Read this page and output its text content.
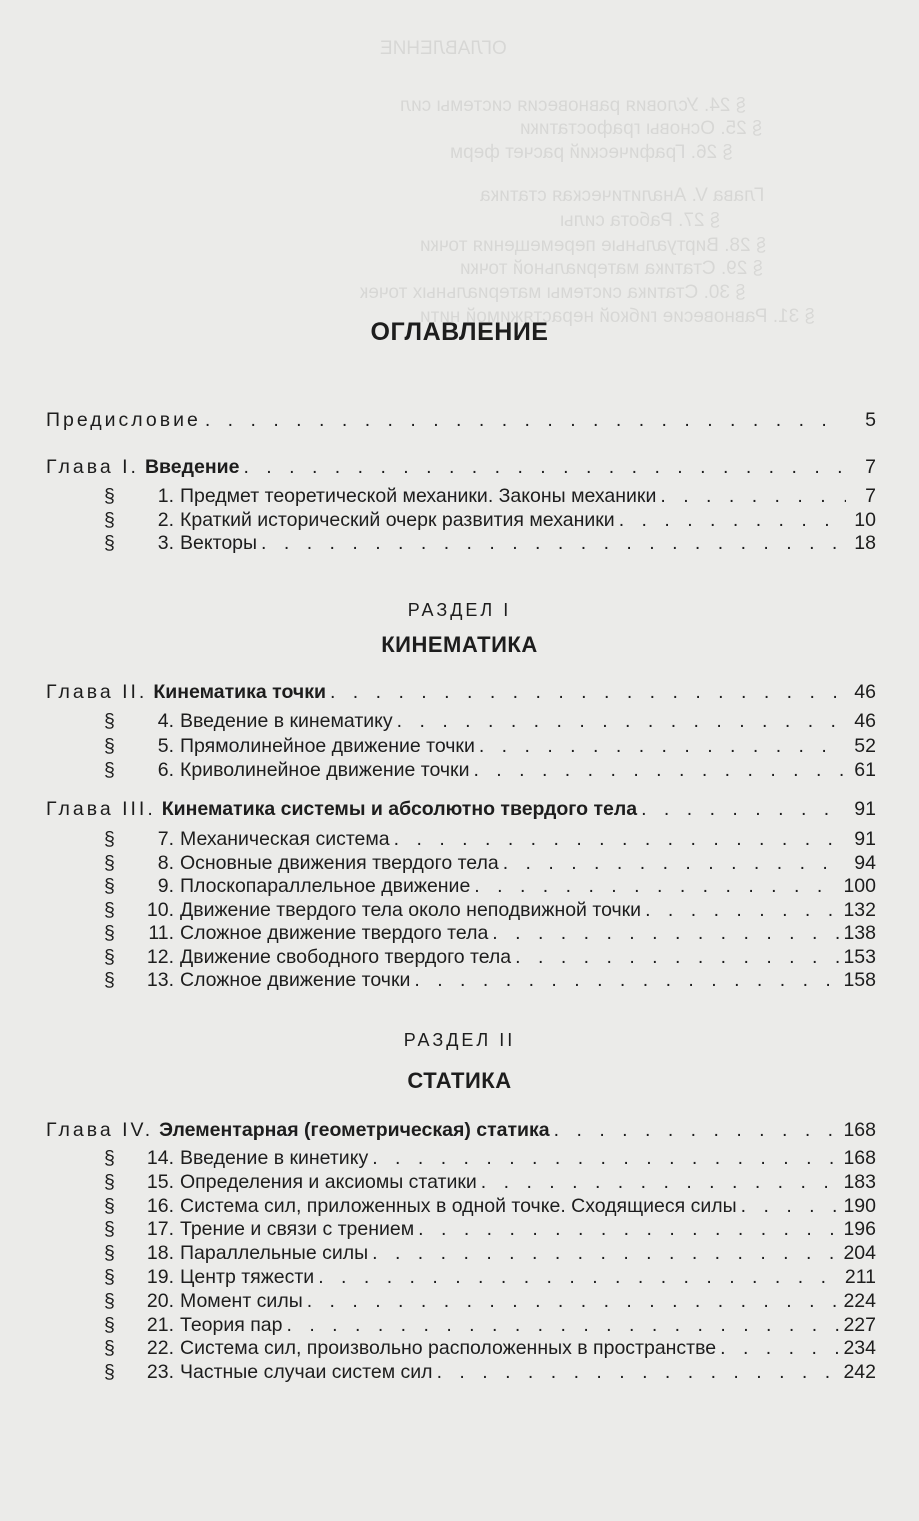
ОГЛАВЛЕНИЕ
§ 24. Условия равновесия системы сил
§ 25. Основы графостатики
§ 26. Графический расчет ферм
Глава V. Аналитическая статика
§ 27. Работа силы
§ 28. Виртуальные перемещения точки
§ 29. Статика материальной точки
§ 30. Статика системы материальных точек
§ 31. Равновесие гибкой нерастяжимой нити
ОГЛАВЛЕНИЕ
Предисловие . . .	5
Глава I. Введение . . .	7
§	1. Предмет теоретической механики. Законы механики . . .	7
§	2. Краткий исторический очерк развития механики . . .	10
§	3. Векторы . . .	18
РАЗДЕЛ I
КИНЕМАТИКА
Глава II. Кинематика точки . . .	46
§	4. Введение в кинематику . . .	46
§	5. Прямолинейное движение точки . . .	52
§	6. Криволинейное движение точки . . .	61
Глава III. Кинематика системы и абсолютно твердого тела . . .	91
§	7. Механическая система . . .	91
§	8. Основные движения твердого тела . . .	94
§	9. Плоскопараллельное движение . . .	100
§	10. Движение твердого тела около неподвижной точки . . .	132
§	11. Сложное движение твердого тела . . .	138
§	12. Движение свободного твердого тела . . .	153
§	13. Сложное движение точки . . .	158
РАЗДЕЛ II
СТАТИКА
Глава IV. Элементарная (геометрическая) статика . . .	168
§	14. Введение в кинетику . . .	168
§	15. Определения и аксиомы статики . . .	183
§	16. Система сил, приложенных в одной точке. Сходящиеся силы . . .	190
§	17. Трение и связи с трением . . .	196
§	18. Параллельные силы . . .	204
§	19. Центр тяжести . . .	211
§	20. Момент силы . . .	224
§	21. Теория пар . . .	227
§	22. Система сил, произвольно расположенных в пространстве . . .	234
§	23. Частные случаи систем сил . . .	242
